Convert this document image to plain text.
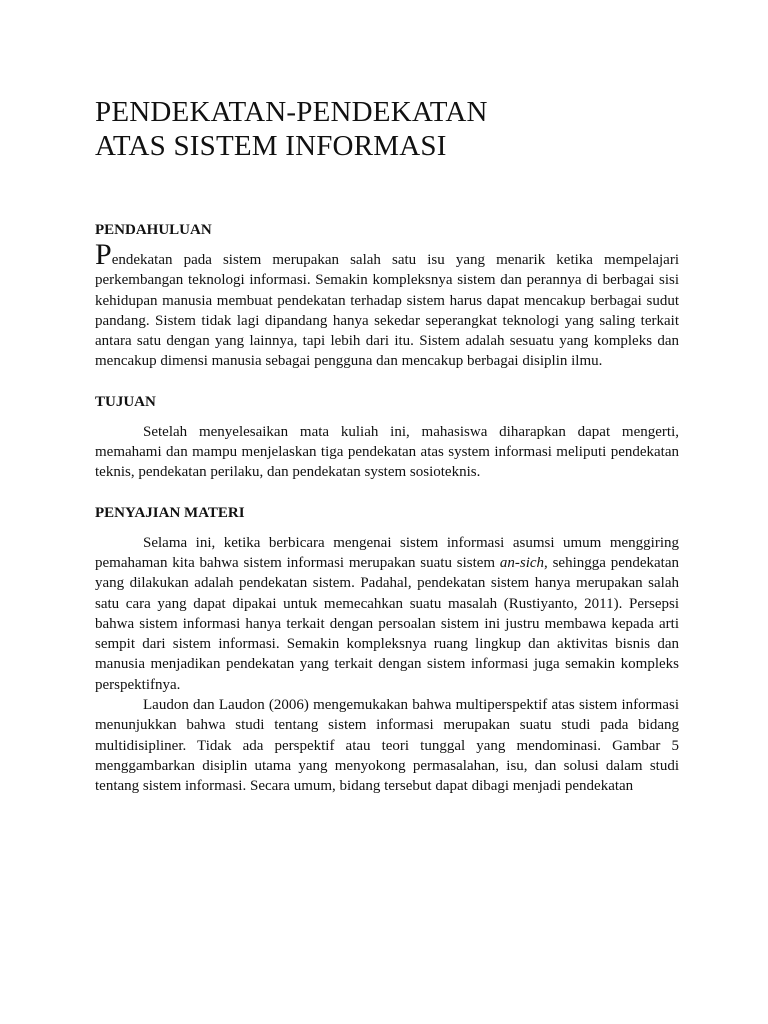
PENDEKATAN-PENDEKATAN
ATAS SISTEM INFORMASI
PENDAHULUAN

Pendekatan pada sistem merupakan salah satu isu yang menarik ketika mempelajari perkembangan teknologi informasi. Semakin kompleksnya sistem dan perannya di berbagai sisi kehidupan manusia membuat pendekatan terhadap sistem harus dapat mencakup berbagai sudut pandang. Sistem tidak lagi dipandang hanya sekedar seperangkat teknologi yang saling terkait antara satu dengan yang lainnya, tapi lebih dari itu. Sistem adalah sesuatu yang kompleks dan mencakup dimensi manusia sebagai pengguna dan mencakup berbagai disiplin ilmu.

TUJUAN

Setelah menyelesaikan mata kuliah ini, mahasiswa diharapkan dapat mengerti, memahami dan mampu menjelaskan tiga pendekatan atas system informasi meliputi pendekatan teknis, pendekatan perilaku, dan pendekatan system sosioteknis.

PENYAJIAN MATERI

Selama ini, ketika berbicara mengenai sistem informasi asumsi umum menggiring pemahaman kita bahwa sistem informasi merupakan suatu sistem an-sich, sehingga pendekatan yang dilakukan adalah pendekatan sistem. Padahal, pendekatan sistem hanya merupakan salah satu cara yang dapat dipakai untuk memecahkan suatu masalah (Rustiyanto, 2011). Persepsi bahwa sistem informasi hanya terkait dengan persoalan sistem ini justru membawa kepada arti sempit dari sistem informasi. Semakin kompleksnya ruang lingkup dan aktivitas bisnis dan manusia menjadikan pendekatan yang terkait dengan sistem informasi juga semakin kompleks perspektifnya.

Laudon dan Laudon (2006) mengemukakan bahwa multiperspektif atas sistem informasi menunjukkan bahwa studi tentang sistem informasi merupakan suatu studi pada bidang multidisipliner. Tidak ada perspektif atau teori tunggal yang mendominasi. Gambar 5 menggambarkan disiplin utama yang menyokong permasalahan, isu, dan solusi dalam studi tentang sistem informasi. Secara umum, bidang tersebut dapat dibagi menjadi pendekatan
